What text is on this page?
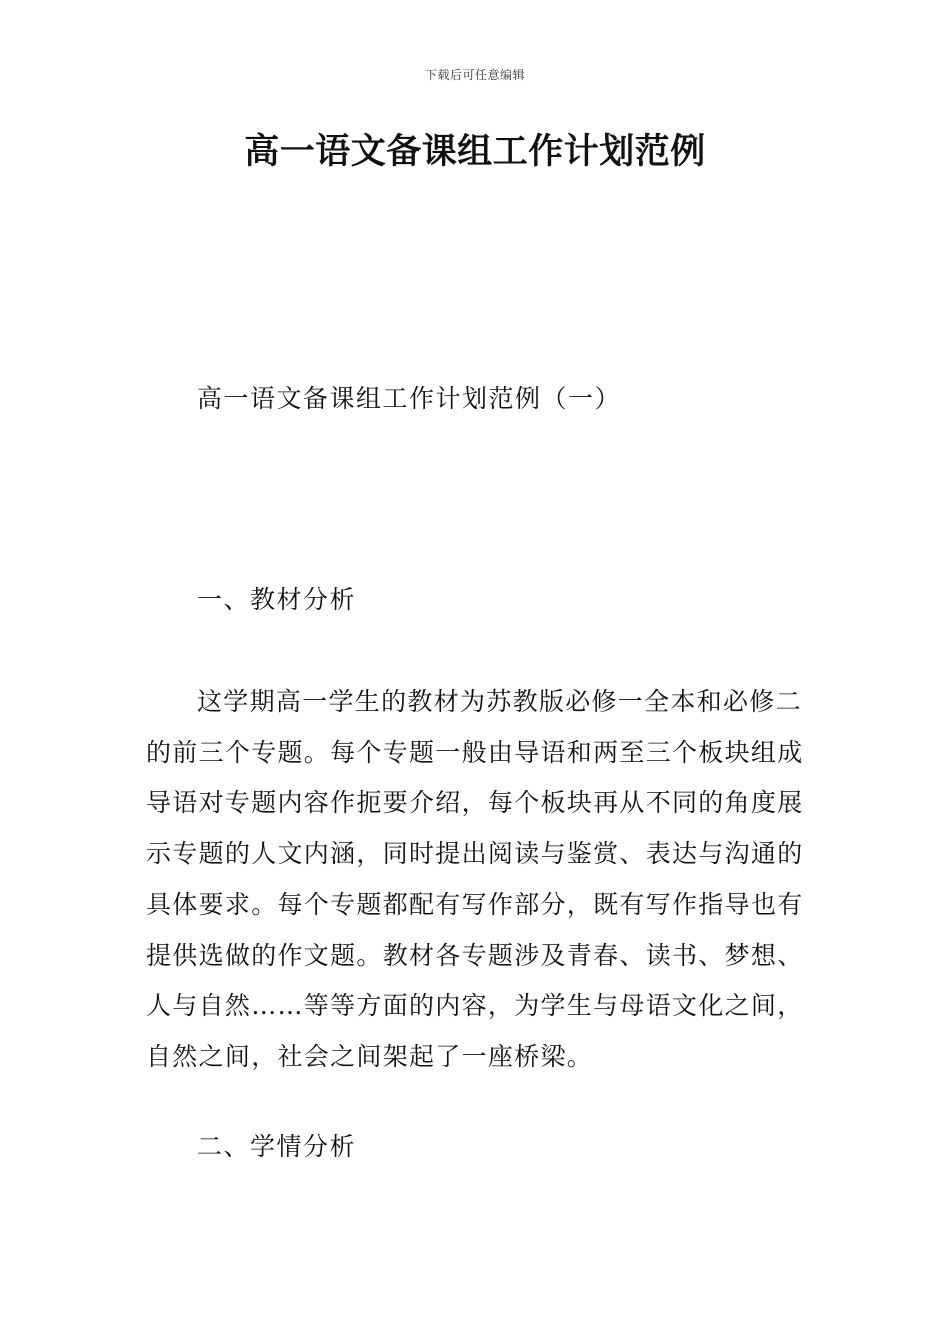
下载后可任意编辑
高一语文备课组工作计划范例
高一语文备课组工作计划范例（一）
一、教材分析
这学期高一学生的教材为苏教版必修一全本和必修二
的前三个专题。每个专题一般由导语和两至三个板块组成
导语对专题内容作扼要介绍，每个板块再从不同的角度展
示专题的人文内涵，同时提出阅读与鉴赏、表达与沟通的
具体要求。每个专题都配有写作部分，既有写作指导也有
提供选做的作文题。教材各专题涉及青春、读书、梦想、
人与自然……等等方面的内容，为学生与母语文化之间，
自然之间，社会之间架起了一座桥梁。
二、学情分析
